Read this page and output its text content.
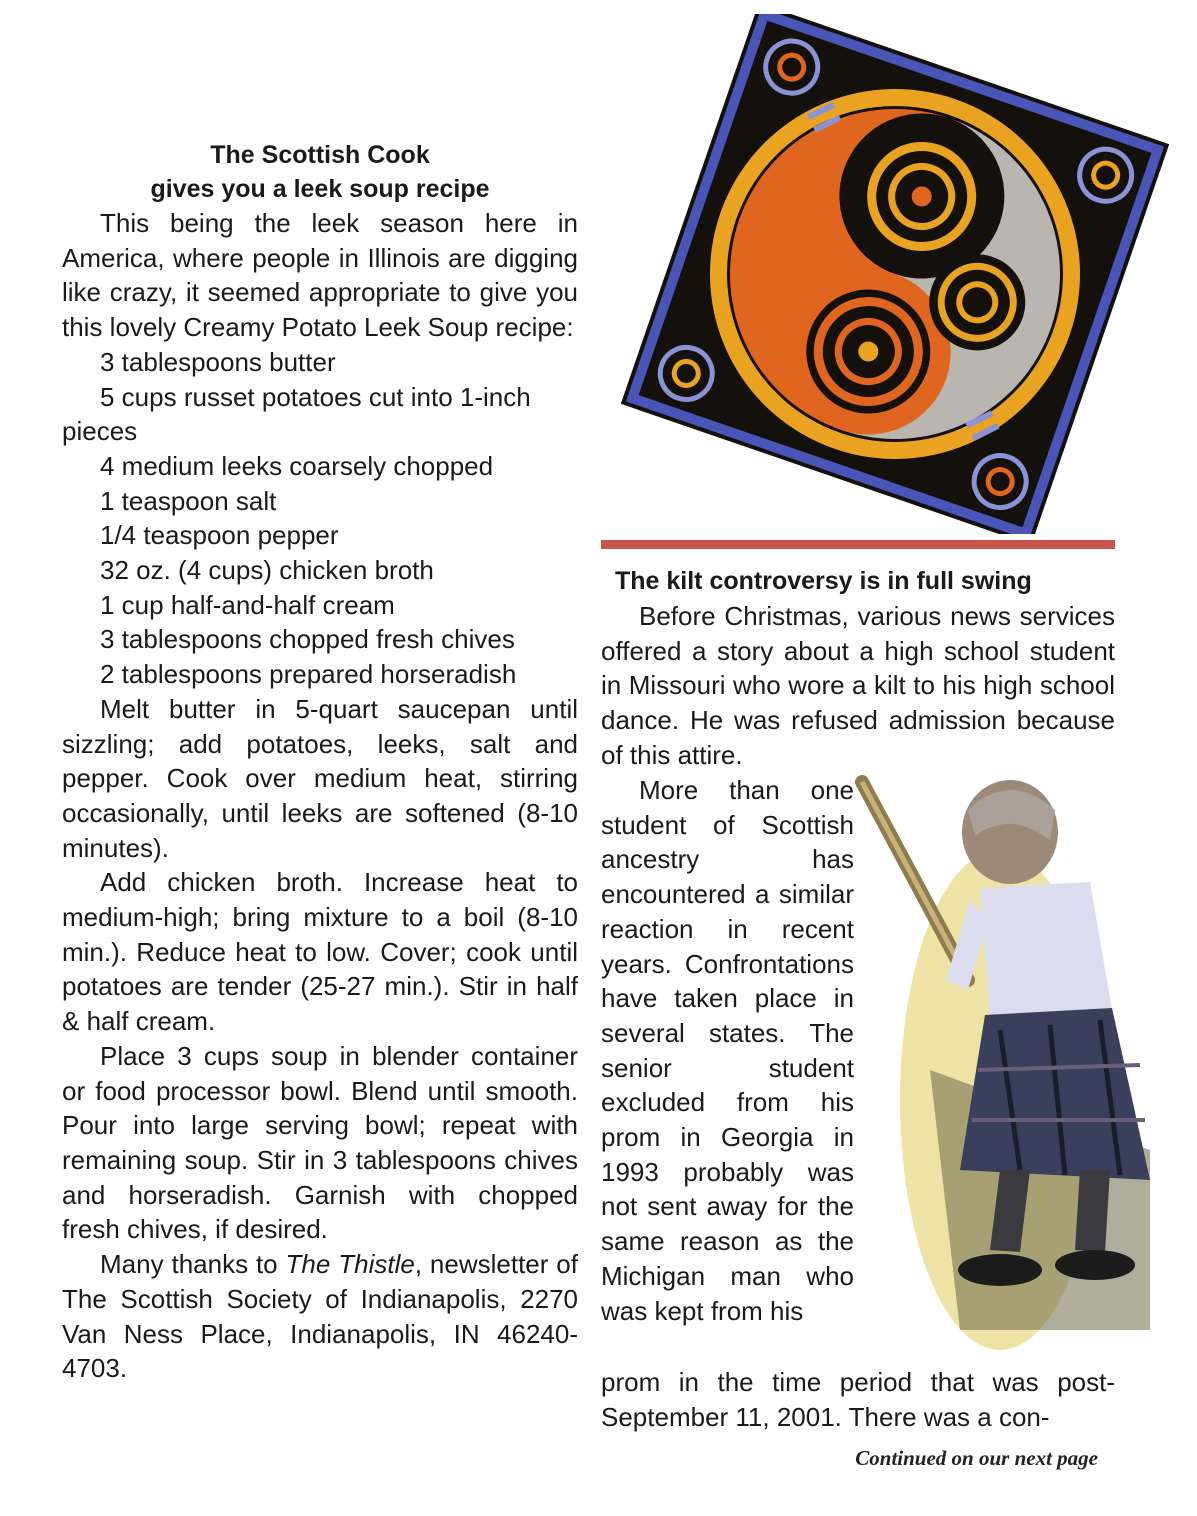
The Scottish Cook
gives you a leek soup recipe

This being the leek season here in America, where people in Illinois are digging like crazy, it seemed appropriate to give you this lovely Creamy Potato Leek Soup recipe:

3 tablespoons butter

5 cups russet potatoes cut into 1-inch pieces

4 medium leeks coarsely chopped

1 teaspoon salt

1/4 teaspoon pepper

32 oz. (4 cups) chicken broth

1 cup half-and-half cream

3 tablespoons chopped fresh chives

2 tablespoons prepared horseradish

Melt butter in 5-quart saucepan until sizzling; add potatoes, leeks, salt and pepper. Cook over medium heat, stirring occasionally, until leeks are softened (8-10 minutes).

Add chicken broth. Increase heat to medium-high; bring mixture to a boil (8-10 min.). Reduce heat to low. Cover; cook until potatoes are tender (25-27 min.). Stir in half & half cream.

Place 3 cups soup in blender container or food processor bowl. Blend until smooth. Pour into large serving bowl; repeat with remaining soup. Stir in 3 tablespoons chives and horseradish. Garnish with chopped fresh chives, if desired.

Many thanks to The Thistle, newsletter of The Scottish Society of Indianapolis, 2270 Van Ness Place, Indianapolis, IN 46240-4703.

The kilt controversy is in full swing

Before Christmas, various news services offered a story about a high school student in Missouri who wore a kilt to his high school dance. He was refused admission because of this attire.

More than one student of Scottish ancestry has encountered a similar reaction in recent years. Confrontations have taken place in several states. The senior student excluded from his prom in Georgia in 1993 probably was not sent away for the same reason as the Michigan man who was kept from his

prom in the time period that was post-September 11, 2001. There was a con-
Continued on our next page
